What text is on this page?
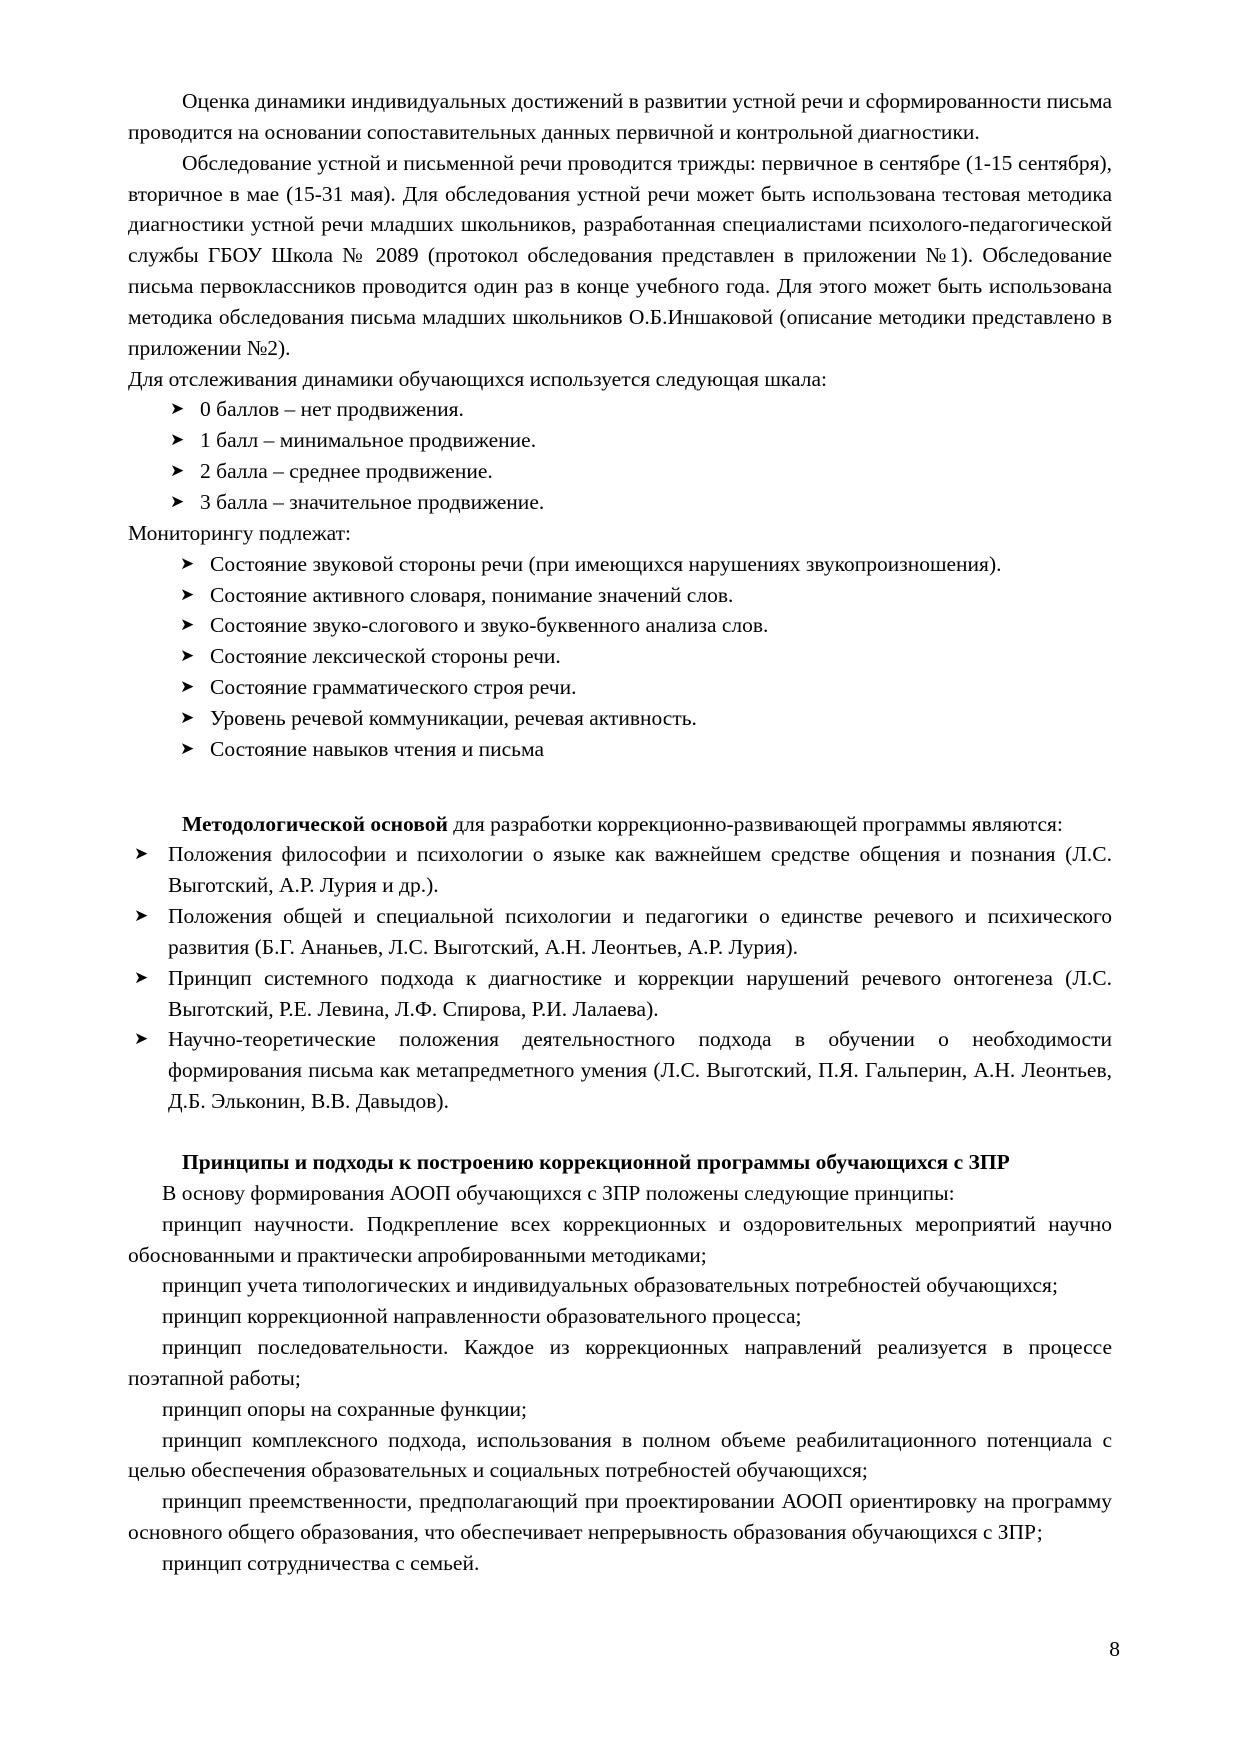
Оценка динамики индивидуальных достижений в развитии устной речи и сформированности письма проводится на основании сопоставительных данных первичной и контрольной диагностики.

Обследование устной и письменной речи проводится трижды: первичное в сентябре (1-15 сентября), вторичное в мае (15-31 мая). Для обследования устной речи может быть использована тестовая методика диагностики устной речи младших школьников, разработанная специалистами психолого-педагогической службы ГБОУ Школа № 2089 (протокол обследования представлен в приложении №1). Обследование письма первоклассников проводится один раз в конце учебного года. Для этого может быть использована методика обследования письма младших школьников О.Б.Иншаковой (описание методики представлено в приложении №2).

Для отслеживания динамики обучающихся используется следующая шкала:

➤ 0 баллов – нет продвижения.
➤ 1 балл – минимальное продвижение.
➤ 2 балла – среднее продвижение.
➤ 3 балла – значительное продвижение.

Мониторингу подлежат:

➤ Состояние звуковой стороны речи (при имеющихся нарушениях звукопроизношения).
➤ Состояние активного словаря, понимание значений слов.
➤ Состояние звуко-слогового и звуко-буквенного анализа слов.
➤ Состояние лексической стороны речи.
➤ Состояние грамматического строя речи.
➤ Уровень речевой коммуникации, речевая активность.
➤ Состояние навыков чтения и письма

Методологической основой для разработки коррекционно-развивающей программы являются:

➤ Положения философии и психологии о языке как важнейшем средстве общения и познания (Л.С. Выготский, А.Р. Лурия и др.).
➤ Положения общей и специальной психологии и педагогики о единстве речевого и психического развития (Б.Г. Ананьев, Л.С. Выготский, А.Н. Леонтьев, А.Р. Лурия).
➤ Принцип системного подхода к диагностике и коррекции нарушений речевого онтогенеза (Л.С. Выготский, Р.Е. Левина, Л.Ф. Спирова, Р.И. Лалаева).
➤ Научно-теоретические положения деятельностного подхода в обучении о необходимости формирования письма как метапредметного умения (Л.С. Выготский, П.Я. Гальперин, А.Н. Леонтьев, Д.Б. Эльконин, В.В. Давыдов).

Принципы и подходы к построению коррекционной программы обучающихся с ЗПР

В основу формирования АООП обучающихся с ЗПР положены следующие принципы:

принцип научности. Подкрепление всех коррекционных и оздоровительных мероприятий научно обоснованными и практически апробированными методиками;

принцип учета типологических и индивидуальных образовательных потребностей обучающихся;

принцип коррекционной направленности образовательного процесса;

принцип последовательности. Каждое из коррекционных направлений реализуется в процессе поэтапной работы;

принцип опоры на сохранные функции;

принцип комплексного подхода, использования в полном объеме реабилитационного потенциала с целью обеспечения образовательных и социальных потребностей обучающихся;

принцип преемственности, предполагающий при проектировании АООП ориентировку на программу основного общего образования, что обеспечивает непрерывность образования обучающихся с ЗПР;

принцип сотрудничества с семьей.

8
